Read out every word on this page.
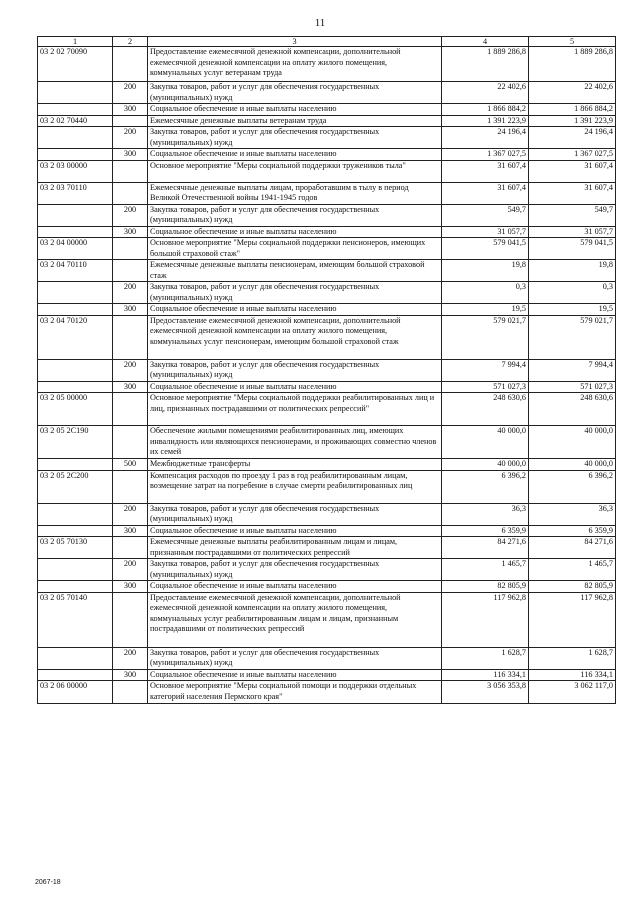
11
1	2	3	4	5
03 2 02 70090		Предоставление ежемесячной денежной компенсации, дополнительной ежемесячной денежной компенсации на оплату жилого помещения, коммунальных услуг ветеранам труда	1 889 286,8	1 889 286,8
	200	Закупка товаров, работ и услуг для обеспечения государственных (муниципальных) нужд	22 402,6	22 402,6
	300	Социальное обеспечение и иные выплаты населению	1 866 884,2	1 866 884,2
03 2 02 70440		Ежемесячные денежные выплаты ветеранам труда	1 391 223,9	1 391 223,9
	200	Закупка товаров, работ и услуг для обеспечения государственных (муниципальных) нужд	24 196,4	24 196,4
	300	Социальное обеспечение и иные выплаты населению	1 367 027,5	1 367 027,5
03 2 03 00000		Основное мероприятие "Меры социальной поддержки тружеников тыла"	31 607,4	31 607,4
03 2 03 70110		Ежемесячные денежные выплаты лицам, проработавшим в тылу в период Великой Отечественной войны 1941-1945 годов	31 607,4	31 607,4
	200	Закупка товаров, работ и услуг для обеспечения государственных (муниципальных) нужд	549,7	549,7
	300	Социальное обеспечение и иные выплаты населению	31 057,7	31 057,7
03 2 04 00000		Основное мероприятие "Меры социальной поддержки пенсионеров, имеющих большой страховой стаж"	579 041,5	579 041,5
03 2 04 70110		Ежемесячные денежные выплаты пенсионерам, имеющим большой страховой стаж	19,8	19,8
	200	Закупка товаров, работ и услуг для обеспечения государственных (муниципальных) нужд	0,3	0,3
	300	Социальное обеспечение и иные выплаты населению	19,5	19,5
03 2 04 70120		Предоставление ежемесячной денежной компенсации, дополнительной ежемесячной денежной компенсации на оплату жилого помещения, коммунальных услуг пенсионерам, имеющим большой страховой стаж	579 021,7	579 021,7
	200	Закупка товаров, работ и услуг для обеспечения государственных (муниципальных) нужд	7 994,4	7 994,4
	300	Социальное обеспечение и иные выплаты населению	571 027,3	571 027,3
03 2 05 00000		Основное мероприятие "Меры социальной поддержки реабилитированных лиц и лиц, признанных пострадавшими от политических репрессий"	248 630,6	248 630,6
03 2 05 2С190		Обеспечение жилыми помещениями реабилитированных лиц, имеющих инвалидность или являющихся пенсионерами, и проживающих совместно членов их семей	40 000,0	40 000,0
	500	Межбюджетные трансферты	40 000,0	40 000,0
03 2 05 2С200		Компенсация расходов по проезду 1 раз в год реабилитированным лицам, возмещение затрат на погребение в случае смерти реабилитированных лиц	6 396,2	6 396,2
	200	Закупка товаров, работ и услуг для обеспечения государственных (муниципальных) нужд	36,3	36,3
	300	Социальное обеспечение и иные выплаты населению	6 359,9	6 359,9
03 2 05 70130		Ежемесячные денежные выплаты реабилитированным лицам и лицам, признанным пострадавшими от политических репрессий	84 271,6	84 271,6
	200	Закупка товаров, работ и услуг для обеспечения государственных (муниципальных) нужд	1 465,7	1 465,7
	300	Социальное обеспечение и иные выплаты населению	82 805,9	82 805,9
03 2 05 70140		Предоставление ежемесячной денежной компенсации, дополнительной ежемесячной денежной компенсации на оплату жилого помещения, коммунальных услуг реабилитированным лицам и лицам, признанным пострадавшими от политических репрессий	117 962,8	117 962,8
	200	Закупка товаров, работ и услуг для обеспечения государственных (муниципальных) нужд	1 628,7	1 628,7
	300	Социальное обеспечение и иные выплаты населению	116 334,1	116 334,1
03 2 06 00000		Основное мероприятие "Меры социальной помощи и поддержки отдельных категорий населения Пермского края"	3 056 353,8	3 062 117,0
2067-18
